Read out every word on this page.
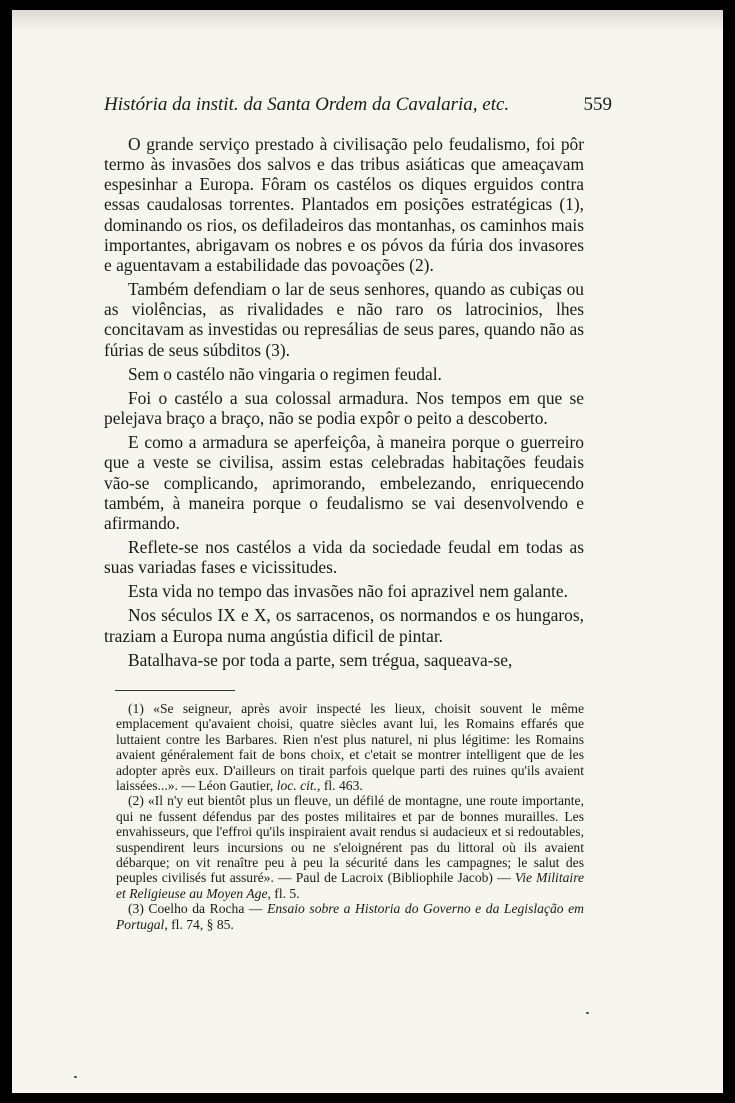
História da instit. da Santa Ordem da Cavalaria, etc.	559

O grande serviço prestado à civilisação pelo feudalismo, foi pôr termo às invasões dos salvos e das tribus asiáticas que ameaçavam espesinhar a Europa. Fôram os castélos os diques erguidos contra essas caudalosas torrentes. Plantados em posições estratégicas (1), dominando os rios, os defiladeiros das montanhas, os caminhos mais importantes, abrigavam os nobres e os póvos da fúria dos invasores e aguentavam a estabilidade das povoações (2).

Também defendiam o lar de seus senhores, quando as cubiças ou as violências, as rivalidades e não raro os latrocinios, lhes concitavam as investidas ou represálias de seus pares, quando não as fúrias de seus súbditos (3).

Sem o castélo não vingaria o regimen feudal.

Foi o castélo a sua colossal armadura. Nos tempos em que se pelejava braço a braço, não se podia expôr o peito a descoberto.

E como a armadura se aperfeiçôa, à maneira porque o guerreiro que a veste se civilisa, assim estas celebradas habitações feudais vão-se complicando, aprimorando, embelezando, enriquecendo também, à maneira porque o feudalismo se vai desenvolvendo e afirmando.

Reflete-se nos castélos a vida da sociedade feudal em todas as suas variadas fases e vicissitudes.

Esta vida no tempo das invasões não foi aprazivel nem galante.

Nos séculos IX e X, os sarracenos, os normandos e os hungaros, traziam a Europa numa angústia dificil de pintar.

Batalhava-se por toda a parte, sem trégua, saqueava-se,

(1) «Se seigneur, après avoir inspecté les lieux, choisit souvent le même emplacement qu'avaient choisi, quatre siècles avant lui, les Romains effarés que luttaient contre les Barbares. Rien n'est plus naturel, ni plus légitime: les Romains avaient généralement fait de bons choix, et c'etait se montrer intelligent que de les adopter après eux. D'ailleurs on tirait parfois quelque parti des ruines qu'ils avaient laissées...». — Léon Gautier, loc. cit., fl. 463.

(2) «Il n'y eut bientôt plus un fleuve, un défilé de montagne, une route importante, qui ne fussent défendus par des postes militaires et par de bonnes murailles. Les envahisseurs, que l'effroi qu'ils inspiraient avait rendus si audacieux et si redoutables, suspendirent leurs incursions ou ne s'eloignérent pas du littoral où ils avaient débarque; on vit renaître peu à peu la sécurité dans les campagnes; le salut des peuples civilisés fut assuré». — Paul de Lacroix (Bibliophile Jacob) — Vie Militaire et Religieuse au Moyen Age, fl. 5.

(3) Coelho da Rocha — Ensaio sobre a Historia do Governo e da Legislação em Portugal, fl. 74, § 85.
